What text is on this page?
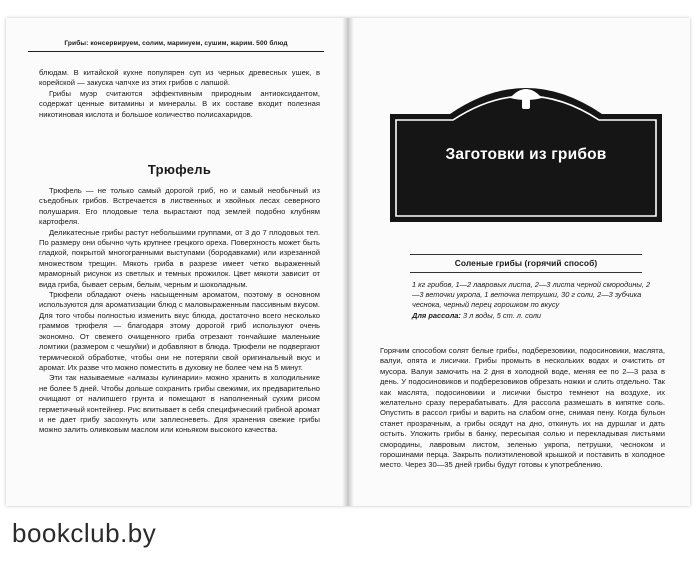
Грибы: консервируем, солим, маринуем, сушим, жарим. 500 блюд

блюдам. В китайской кухне популярен суп из черных древесных ушек, в корейской — закуска чапчхе из этих грибов с лапшой.

Грибы муэр считаются эффективным природным антиоксидантом, содержат ценные витамины и минералы. В их составе входит полезная никотиновая кислота и большое количество полисахаридов.

Трюфель

Трюфель — не только самый дорогой гриб, но и самый необычный из съедобных грибов. Встречается в лиственных и хвойных лесах северного полушария. Его плодовые тела вырастают под землей подобно клубням картофеля.

Деликатесные грибы растут небольшими группами, от 3 до 7 плодовых тел. По размеру они обычно чуть крупнее грецкого ореха. Поверхность может быть гладкой, покрытой многогранными выступами (бородавками) или изрезанной множеством трещин. Мякоть гриба в разрезе имеет четко выраженный мраморный рисунок из светлых и темных прожилок. Цвет мякоти зависит от вида гриба, бывает серым, белым, черным и шоколадным.

Трюфели обладают очень насыщенным ароматом, поэтому в основном используются для ароматизации блюд с маловыраженным пассивным вкусом. Для того чтобы полностью изменить вкус блюда, достаточно всего несколько граммов трюфеля — благодаря этому дорогой гриб используют очень экономно. От свежего очищенного гриба отрезают тончайшие маленькие ломтики (размером с чешуйки) и добавляют в блюда. Трюфели не подвергают термической обработке, чтобы они не потеряли свой оригинальный вкус и аромат. Их разве что можно поместить в духовку не более чем на 5 минут.

Эти так называемые «алмазы кулинарии» можно хранить в холодильнике не более 5 дней. Чтобы дольше сохранить грибы свежими, их предварительно очищают от налипшего грунта и помещают в наполненный сухим рисом герметичный контейнер. Рис впитывает в себя специфический грибной аромат и не дает грибу засохнуть или заплесневеть. Для хранения свежие грибы можно залить оливковым маслом или коньяком высокого качества.

Заготовки из грибов
Соленые грибы (горячий способ)

1 кг грибов, 1—2 лавровых листа, 2—3 листа черной смородины, 2—3 веточки укропа, 1 веточка петрушки, 30 г соли, 2—3 зубчика чеснока, черный перец горошком по вкусу

Для рассола: 3 л воды, 5 ст. л. соли

Горячим способом солят белые грибы, подберезовики, подосиновики, маслята, валуи, опята и лисички. Грибы промыть в нескольких водах и очистить от мусора. Валуи замочить на 2 дня в холодной воде, меняя ее по 2—3 раза в день. У подосиновиков и подберезовиков обрезать ножки и слить отдельно. Так как маслята, подосиновики и лисички быстро темнеют на воздухе, их желательно сразу перерабатывать. Для рассола размешать в кипятке соль. Опустить в рассол грибы и варить на слабом огне, снимая пену. Когда бульон станет прозрачным, а грибы осядут на дно, откинуть их на дуршлаг и дать остыть. Уложить грибы в банку, пересыпая солью и перекладывая листьями смородины, лавровым листом, зеленью укропа, петрушки, чесноком и горошинами перца. Закрыть полиэтиленовой крышкой и поставить в холодное место. Через 30—35 дней грибы будут готовы к употреблению.

bookclub.by
